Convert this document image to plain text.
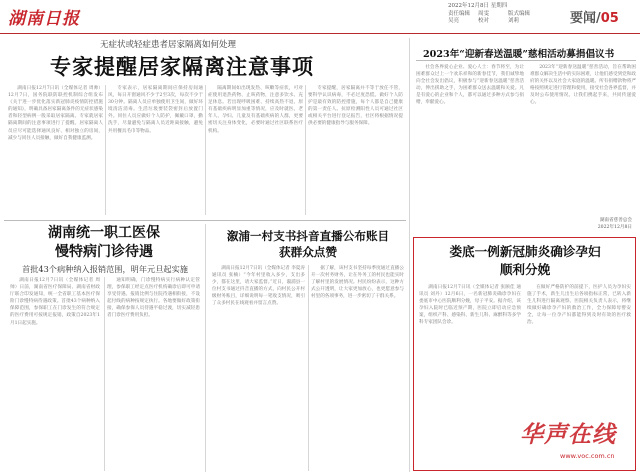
湖南日报
2022年12月8日 星期四
责任编辑	周雯	版式编辑
吴亮	校对	刘莉	要闻/05
无症状或轻症患者居家隔离如何处理
专家提醒居家隔离注意事项

湖南日报12月7日讯（全媒体记者 周帅）12月7日，国务院联防联控机制综合组发布《关于进一步优化落实新冠肺炎疫情防控措施的通知》，明确具备居家隔离条件的无症状感染者和轻型病例一般采取居家隔离。专家就居家隔离期间的注意事项进行了提醒。居家隔离人员应尽可能选择通风良好、相对独立的房间，减少与同住人员接触，做好自我健康监测。

专家表示，居家隔离期间应保持房间通风，每日开窗通风不少于2至3次，每次不少于30分钟。隔离人员应单独使用卫生间，做好环境清洁消毒。生活垃圾要装袋密封后放置门外。同住人员应做好个人防护，佩戴口罩，勤洗手，尽量避免与隔离人员近距离接触，避免共用餐具毛巾等物品。

隔离期间如出现发热、咳嗽等症状，可对症使用退热药物、止咳药物，注意多饮水、充足休息。若出现呼吸困难、持续高热不退、原有基础疾病明显加重等情况，应及时就医。老年人、孕妇、儿童及有基础疾病的人群，更要密切关注身体变化，必要时通过社区联系医疗机构。

专家提醒，居家隔离并不等于放任不管，要科学认识病毒，不必过度恐慌。做好个人防护是最有效的防控措施，每个人都是自己健康的第一责任人。抗原检测阳性人员可通过社区或相关平台进行登记报告，社区将根据情况提供必要的健康指导与服务保障。

2023年“迎新春送温暖”慈相活动募捐倡议书

社会各界爱心企业、爱心人士：春节将至，为让困难群众过上一个欢乐祥和的新春佳节，我们诚挚地向全社会发出倡议，积极参与“迎新春送温暖”慈善活动，伸出援助之手，为困难群众送去温暖和关爱。凡是有爱心的企业和个人，都可以通过多种方式参与捐赠，奉献爱心。

2023年“迎新春送温暖”慈善活动，旨在帮助困难群众解决生活中的实际困难，让他们感受到党和政府的关怀以及社会大家庭的温暖。所有捐赠款物将严格按照规定进行管理和使用，接受社会各界监督，并及时公布使用情况。让我们携起手来，共同传递爱心。

湖南省慈善总会
2022年12月8日
湖南统一职工医保
慢特病门诊待遇
首批43个病种纳入报销范围，明年元旦起实施

湖南日报12月7日讯（全媒体记者 周帅）日前，湖南省医疗保障局、湖南省财政厅联合印发通知，统一全省职工基本医疗保险门诊慢特病待遇政策。首批43个病种纳入保障范围，参保职工在门诊发生的符合规定的医疗费用可按规定报销，政策自2023年1月1日起实施。

通知明确，门诊慢特病实行病种认定管理，参保职工经定点医疗机构确诊后即可申请享受待遇。报销比例与住院待遇相衔接，不设起付线的病种按规定执行。各地要做好政策衔接，确保参保人员待遇平稳过渡，切实减轻患者门诊医疗费用负担。

溆浦一村支书抖音直播公布账目
获群众点赞

湖南日报12月7日讯（全媒体记者 李夏涛 通讯员 张楠）“今年村里收入多少，支出多少，都在这里，请大家监督。”近日，溆浦县一位村支书通过抖音直播的方式，向村民公开村级财务账目，详细说明每一笔收支情况，吸引了众多村民在线观看并留言点赞。

据了解，该村支书坚持每季度通过直播公开一次村务财务，让在外务工的村民也能实时了解村里的发展情况。村民纷纷表示，这种方式公开透明，让大家更加放心，也更愿意参与村里的各项事务，进一步密切了干群关系。

娄底一例新冠肺炎确诊孕妇
顺利分娩

湖南日报12月7日讯（全媒体记者 张颐佳 通讯员 刘丹）12月6日，一名新冠肺炎确诊孕妇在娄底市中心医院顺利分娩，母子平安。据介绍，该孕妇入院时已临近预产期，医院立即启动应急预案，组织产科、感染科、新生儿科、麻醉科等多学科专家团队会诊。

在做好严格防护的前提下，医护人员为孕妇实施了手术，新生儿出生后各项指标正常，已转入新生儿科进行隔离观察。医院相关负责人表示，将继续做好确诊孕产妇的救治工作，全力保障母婴安全，让每一位孕产妇都能得到及时有效的医疗救治。

华声在线
www.voc.com.cn
